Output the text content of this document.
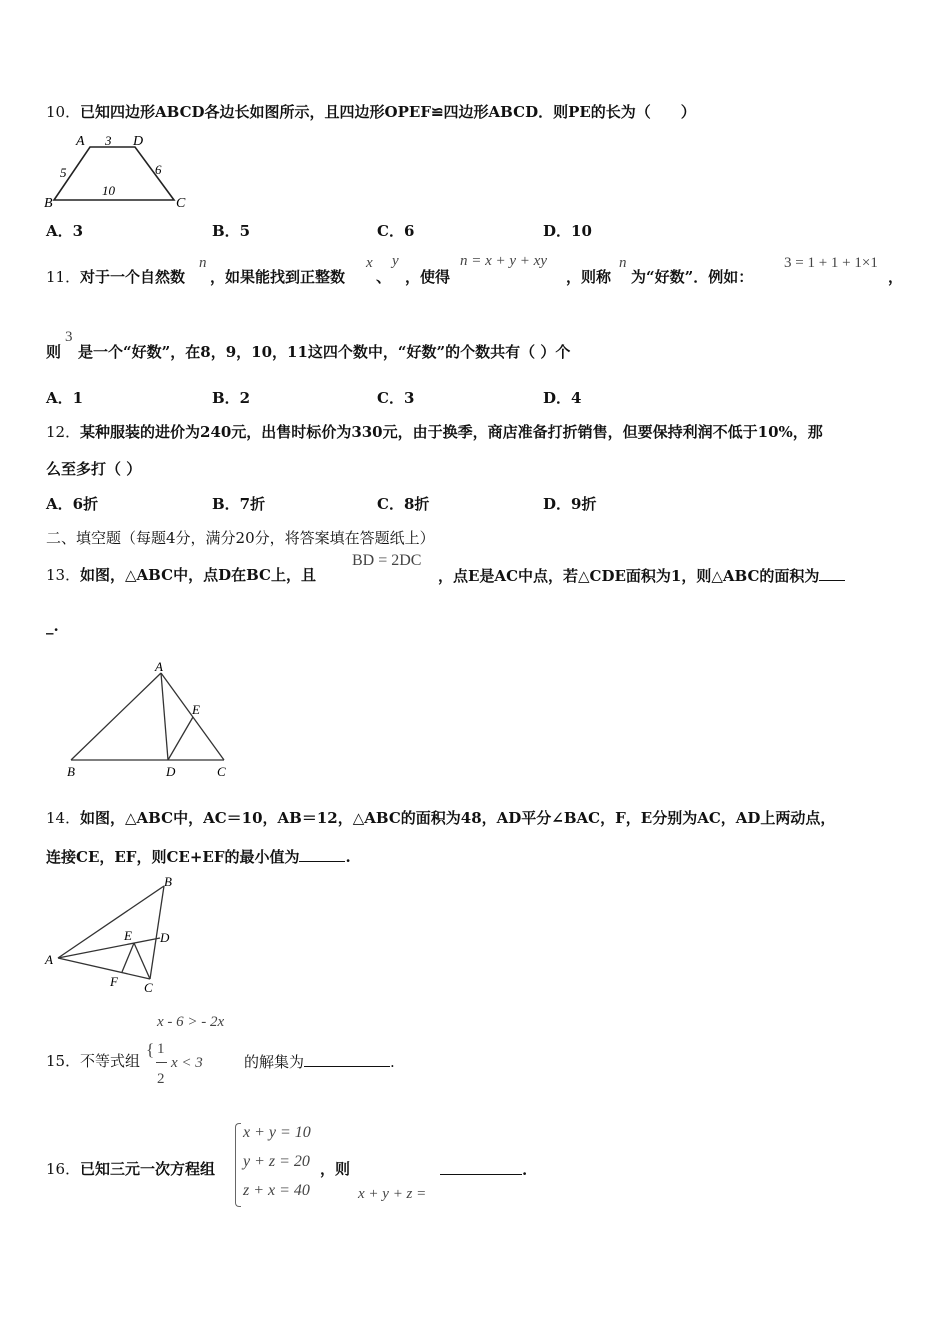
10． 已知四边形ABCD各边长如图所示，且四边形OPEF≌四边形ABCD．则PE的长为（　　）
A	D
B	C
3
5	6
10
A．3	B．5	C．6	D．10
11． 对于一个自然数
n
，如果能找到正整数
x
、
y
，使得
n = x + y + xy
，则称
n
为“好数”．例如：
3 = 1 + 1 + 1×1
，
则
3
是一个“好数”，在8，9，10，11这四个数中，“好数”的个数共有（ ）个
A．1	B．2	C．3	D．4
12． 某种服装的进价为240元，出售时标价为330元，由于换季，商店准备打折销售，但要保持利润不低于10%，那
么至多打（ ）
A．6折	B．7折	C．8折	D．9折
二、填空题（每题4分，满分20分，将答案填在答题纸上）
13． 如图，△ABC中，点D在BC上，且
BD = 2DC
，点E是AC中点，若△CDE面积为1，则△ABC的面积为
_.
A
E
B	D	C
14． 如图，△ABC中，AC＝10，AB＝12，△ABC的面积为48，AD平分∠BAC，F，E分别为AC，AD上两动点，
连接CE，EF，则CE+EF的最小值为	.
B
E D
A
F C
x - 6 > - 2x
15． 不等式组
{ 1
2
x < 3	的解集为	.
x + y = 10
y + z = 20
z + x = 40
16． 已知三元一次方程组	，则
x + y + z =
.
